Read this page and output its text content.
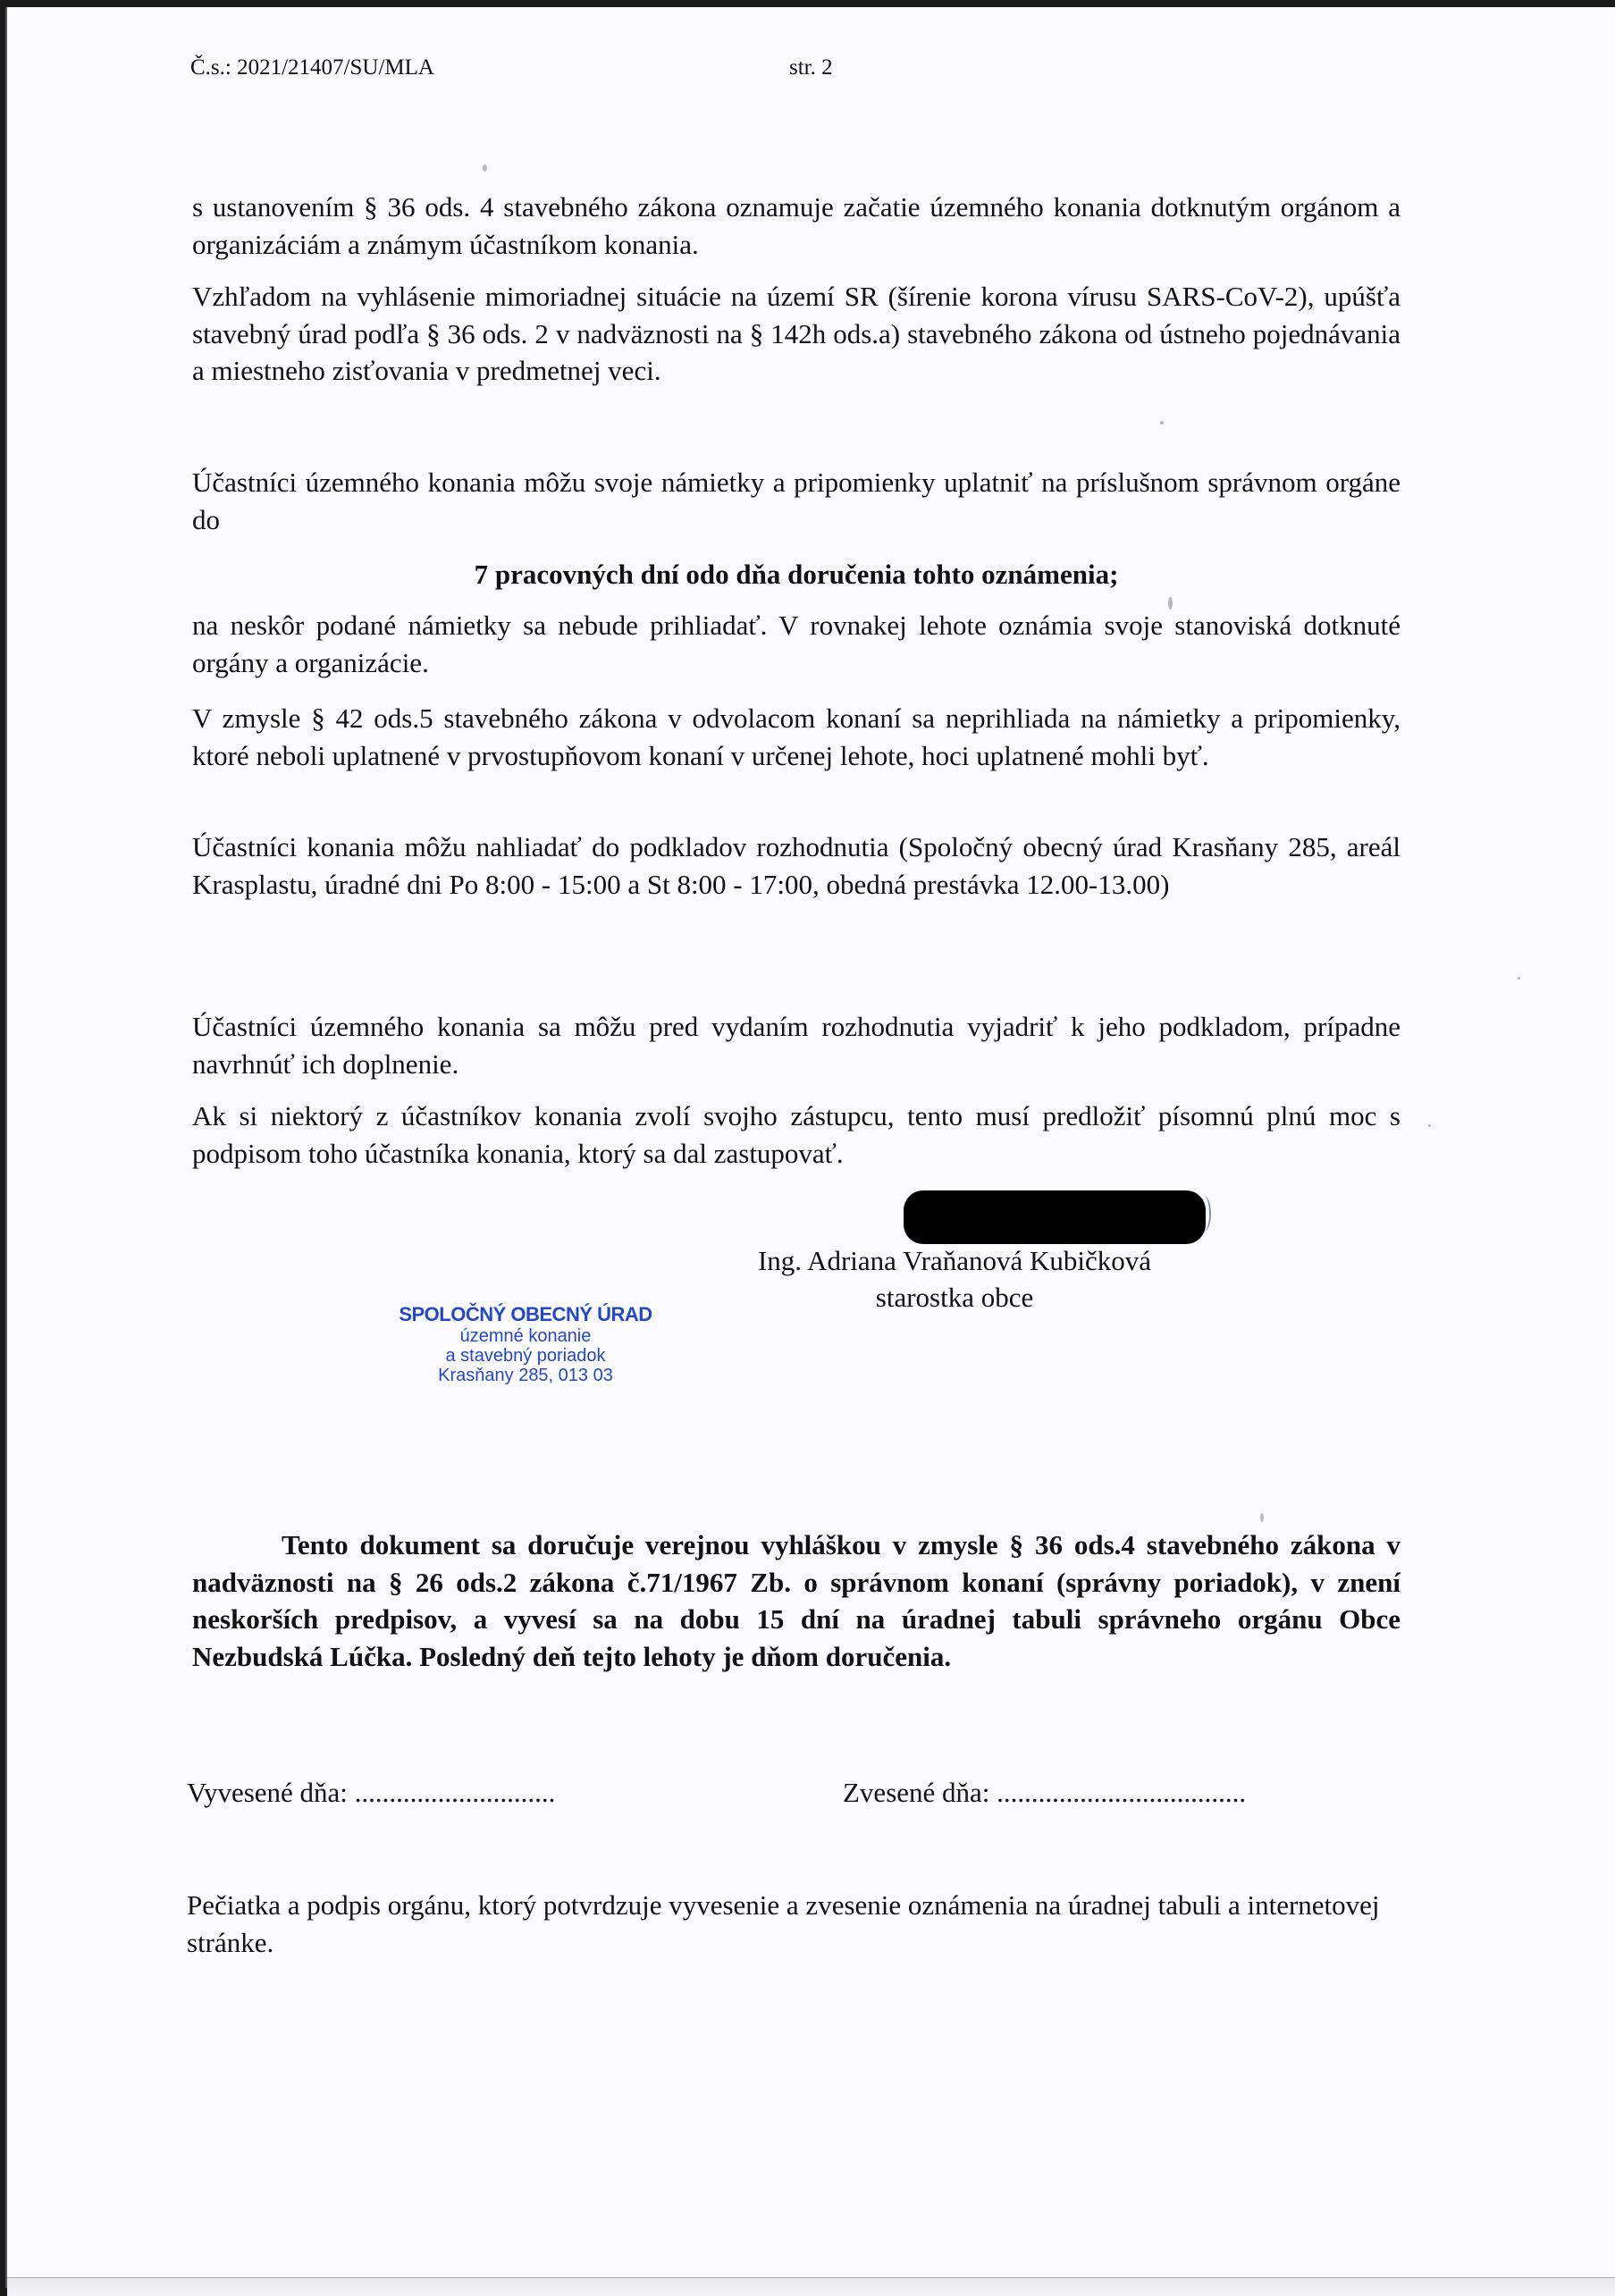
Č.s.: 2021/21407/SU/MLA	str. 2

s ustanovením § 36 ods. 4 stavebného zákona oznamuje začatie územného konania dotknutým orgánom a organizáciám a známym účastníkom konania.

Vzhľadom na vyhlásenie mimoriadnej situácie na území SR (šírenie korona vírusu SARS-CoV-2), upúšťa stavebný úrad podľa § 36 ods. 2 v nadväznosti na § 142h ods.a) stavebného zákona od ústneho pojednávania a miestneho zisťovania v predmetnej veci.

Účastníci územného konania môžu svoje námietky a pripomienky uplatniť na príslušnom správnom orgáne do

7 pracovných dní odo dňa doručenia tohto oznámenia;

na neskôr podané námietky sa nebude prihliadať. V rovnakej lehote oznámia svoje stanoviská dotknuté orgány a organizácie.

V zmysle § 42 ods.5 stavebného zákona v odvolacom konaní sa neprihliada na námietky a pripomienky, ktoré neboli uplatnené v prvostupňovom konaní v určenej lehote, hoci uplatnené mohli byť.

Účastníci konania môžu nahliadať do podkladov rozhodnutia (Spoločný obecný úrad Krasňany 285, areál Krasplastu, úradné dni Po 8:00 - 15:00 a St 8:00 - 17:00, obedná prestávka 12.00-13.00)

Účastníci územného konania sa môžu pred vydaním rozhodnutia vyjadriť k jeho podkladom, prípadne navrhnúť ich doplnenie.

Ak si niektorý z účastníkov konania zvolí svojho zástupcu, tento musí predložiť písomnú plnú moc s podpisom toho účastníka konania, ktorý sa dal zastupovať.

Ing. Adriana Vraňanová Kubičková
starostka obce
SPOLOČNÝ OBECNÝ ÚRAD
územné konanie
a stavebný poriadok
Krasňany 285, 013 03

Tento dokument sa doručuje verejnou vyhláškou v zmysle § 36 ods.4 stavebného zákona v nadväznosti na § 26 ods.2 zákona č.71/1967 Zb. o správnom konaní (správny poriadok), v znení neskorších predpisov, a vyvesí sa na dobu 15 dní na úradnej tabuli správneho orgánu Obce Nezbudská Lúčka. Posledný deň tejto lehoty je dňom doručenia.

Vyvesené dňa: .............................	Zvesené dňa: ....................................

Pečiatka a podpis orgánu, ktorý potvrdzuje vyvesenie a zvesenie oznámenia na úradnej tabuli a internetovej stránke.
